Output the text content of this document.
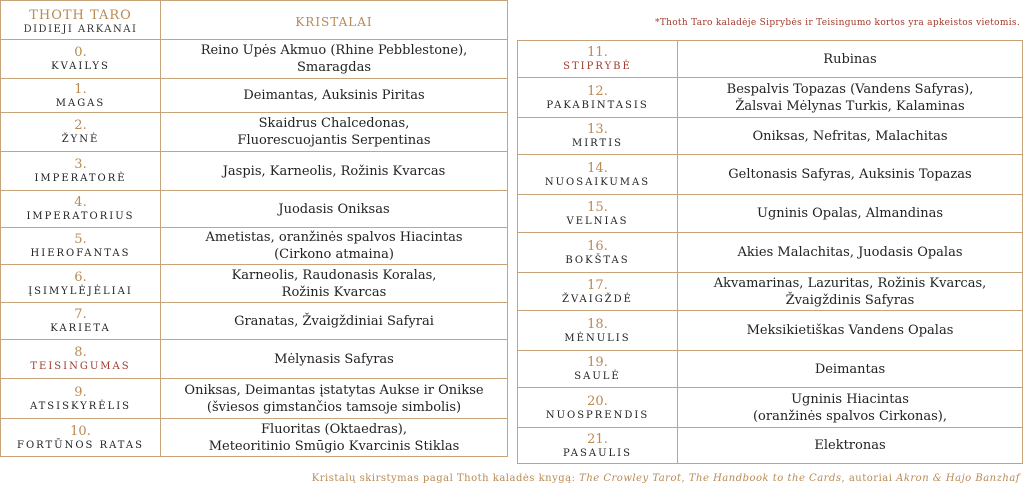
THOTH TARO
DIDIEJI ARKANAI	KRISTALAI

0.
KVAILYS	Reino Upės Akmuo (Rhine Pebblestone),
Smaragdas

1.
MAGAS	Deimantas, Auksinis Piritas

2.
ŽYNĖ	Skaidrus Chalcedonas,
Fluorescuojantis Serpentinas

3.
IMPERATORĖ	Jaspis, Karneolis, Rožinis Kvarcas

4.
IMPERATORIUS	Juodasis Oniksas

5.
HIEROFANTAS	Ametistas, oranžinės spalvos Hiacintas
(Cirkono atmaina)

6.
ĮSIMYLĖJĖLIAI	Karneolis, Raudonasis Koralas,
Rožinis Kvarcas

7.
KARIETA	Granatas, Žvaigždiniai Safyrai

8.
TEISINGUMAS	Mėlynasis Safyras

9.
ATSISKYRĖLIS	Oniksas, Deimantas įstatytas Aukse ir Onikse
(šviesos gimstančios tamsoje simbolis)

10.
FORTŪNOS RATAS	Fluoritas (Oktaedras),
Meteoritinio Smūgio Kvarcinis Stiklas
*Thoth Taro kaladėje Siprybės ir Teisingumo kortos yra apkeistos vietomis.
11.
STIPRYBĖ	Rubinas

12.
PAKABINTASIS	Bespalvis Topazas (Vandens Safyras),
Žalsvai Mėlynas Turkis, Kalaminas

13.
MIRTIS	Oniksas, Nefritas, Malachitas

14.
NUOSAIKUMAS	Geltonasis Safyras, Auksinis Topazas

15.
VELNIAS	Ugninis Opalas, Almandinas

16.
BOKŠTAS	Akies Malachitas, Juodasis Opalas

17.
ŽVAIGŽDĖ	Akvamarinas, Lazuritas, Rožinis Kvarcas,
Žvaigždinis Safyras

18.
MĖNULIS	Meksikietiškas Vandens Opalas

19.
SAULĖ	Deimantas

20.
NUOSPRENDIS	Ugninis Hiacintas
(oranžinės spalvos Cirkonas),

21.
PASAULIS	Elektronas
Kristalų skirstymas pagal Thoth kaladės knygą: The Crowley Tarot, The Handbook to the Cards, autoriai Akron & Hajo Banzhaf
